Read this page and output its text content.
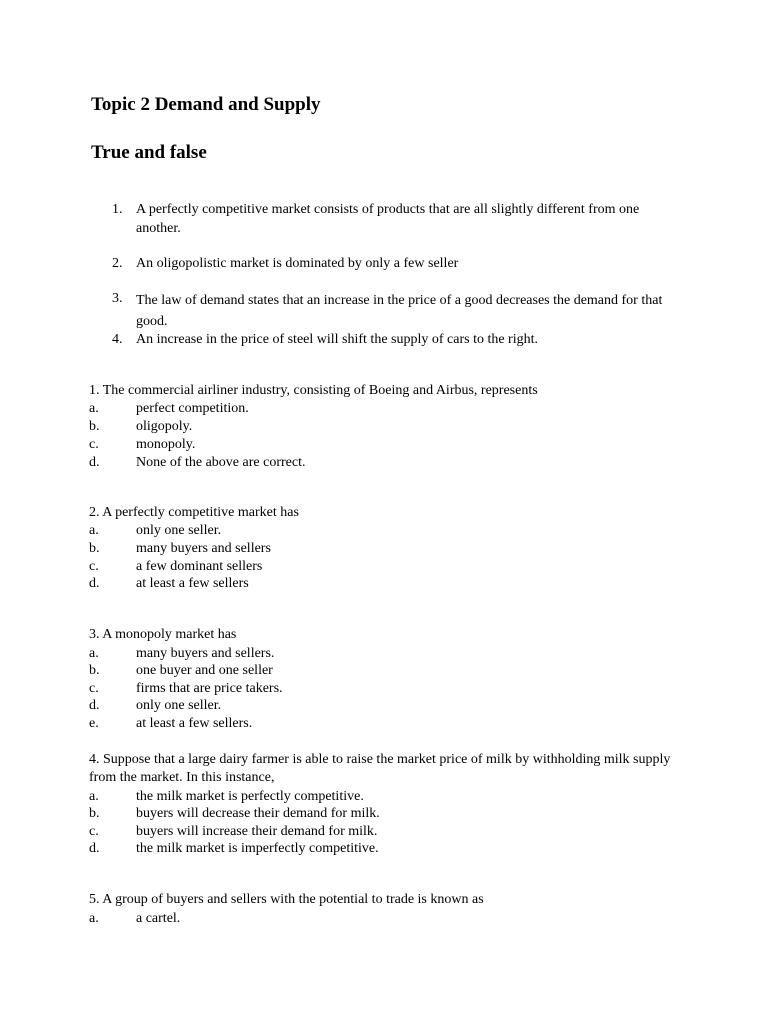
Topic 2 Demand and Supply
True and false
1. A perfectly competitive market consists of products that are all slightly different from one another.
2. An oligopolistic market is dominated by only a few seller
3. The law of demand states that an increase in the price of a good decreases the demand for that good.
4. An increase in the price of steel will shift the supply of cars to the right.
1. The commercial airliner industry, consisting of Boeing and Airbus, represents
a.	perfect competition.
b.	oligopoly.
c.	monopoly.
d.	None of the above are correct.
2. A perfectly competitive market has
a.	only one seller.
b.	many buyers and sellers
c.	a few dominant sellers
d.	at least a few sellers
3. A monopoly market has
a.	many buyers and sellers.
b.	one buyer and one seller
c.	firms that are price takers.
d.	only one seller.
e.	at least a few sellers.
4. Suppose that a large dairy farmer is able to raise the market price of milk by withholding milk supply from the market. In this instance,
a.	the milk market is perfectly competitive.
b.	buyers will decrease their demand for milk.
c.	buyers will increase their demand for milk.
d.	the milk market is imperfectly competitive.
5. A group of buyers and sellers with the potential to trade is known as
a.	a cartel.
